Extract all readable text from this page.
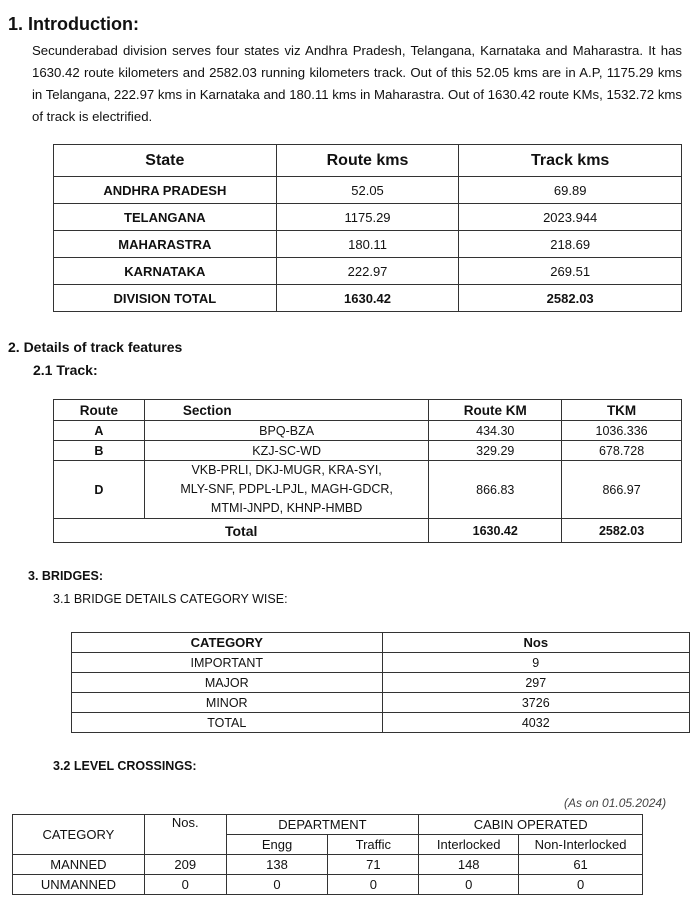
1. Introduction:
Secunderabad division serves four states viz Andhra Pradesh, Telangana, Karnataka and Maharastra. It has 1630.42 route kilometers and 2582.03 running kilometers track. Out of this 52.05 kms are in A.P, 1175.29 kms in Telangana, 222.97 kms in Karnataka and 180.11 kms in Maharastra. Out of 1630.42 route KMs, 1532.72 kms of track is electrified.
State	Route kms	Track kms
ANDHRA PRADESH	52.05	69.89
TELANGANA	1175.29	2023.944
MAHARASTRA	180.11	218.69
KARNATAKA	222.97	269.51
DIVISION TOTAL	1630.42	2582.03
2. Details of track features
2.1 Track:
Route	Section	Route KM	TKM
A	BPQ-BZA	434.30	1036.336
B	KZJ-SC-WD	329.29	678.728
D	VKB-PRLI, DKJ-MUGR, KRA-SYI,
MLY-SNF, PDPL-LPJL, MAGH-GDCR,
MTMI-JNPD, KHNP-HMBD	866.83	866.97
Total		1630.42	2582.03
3. BRIDGES:
3.1 BRIDGE DETAILS CATEGORY WISE:
CATEGORY	Nos
IMPORTANT	9
MAJOR	297
MINOR	3726
TOTAL	4032
3.2 LEVEL CROSSINGS:
(As on 01.05.2024)
CATEGORY	Nos.	DEPARTMENT		CABIN OPERATED	
		Engg	Traffic	Interlocked	Non-Interlocked
MANNED	209	138	71	148	61
UNMANNED	0	0	0	0	0
